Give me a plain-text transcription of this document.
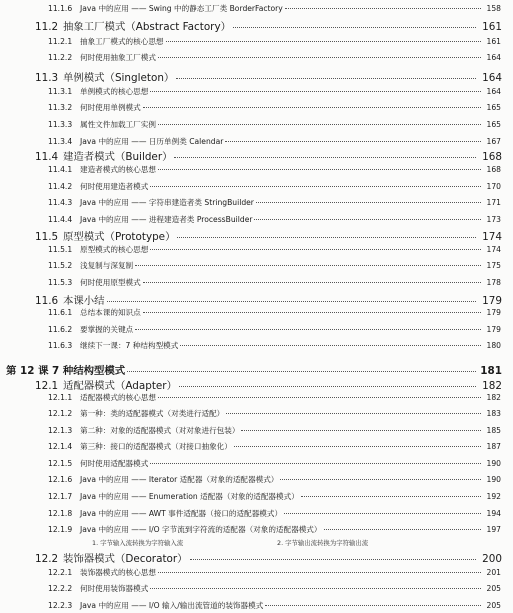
11.1.6	Java 中的应用 —— Swing 中的静态工厂类 BorderFactory	158
11.2 抽象工厂模式（Abstract Factory）	161
11.2.1	抽象工厂模式的核心思想	161
11.2.2	何时使用抽象工厂模式	164
11.3 单例模式（Singleton）	164
11.3.1	单例模式的核心思想	164
11.3.2	何时使用单例模式	165
11.3.3	属性文件加载工厂实例	165
11.3.4	Java 中的应用 —— 日历单例类 Calendar	167
11.4 建造者模式（Builder）	168
11.4.1	建造者模式的核心思想	168
11.4.2	何时使用建造者模式	170
11.4.3	Java 中的应用 —— 字符串建造者类 StringBuilder	171
11.4.4	Java 中的应用 —— 进程建造者类 ProcessBuilder	173
11.5 原型模式（Prototype）	174
11.5.1	原型模式的核心思想	174
11.5.2	浅复制与深复制	175
11.5.3	何时使用原型模式	178
11.6 本课小结	179
11.6.1	总结本课的知识点	179
11.6.2	要掌握的关键点	179
11.6.3	继续下一课：7 种结构型模式	180
第 12 课 7 种结构型模式	181
12.1 适配器模式（Adapter）	182
12.1.1	适配器模式的核心思想	182
12.1.2	第一种：类的适配器模式（对类进行适配）	183
12.1.3	第二种：对象的适配器模式（对对象进行包装）	185
12.1.4	第三种：接口的适配器模式（对接口抽象化）	187
12.1.5	何时使用适配器模式	190
12.1.6	Java 中的应用 —— Iterator 适配器（对象的适配器模式）	190
12.1.7	Java 中的应用 —— Enumeration 适配器（对象的适配器模式）	192
12.1.8	Java 中的应用 —— AWT 事件适配器（接口的适配器模式）	194
12.1.9	Java 中的应用 —— I/O 字节流到字符流的适配器（对象的适配器模式）	197
1. 字节输入流转换为字符输入流	2. 字节输出流转换为字符输出流
12.2 装饰器模式（Decorator）	200
12.2.1	装饰器模式的核心思想	201
12.2.2	何时使用装饰器模式	205
12.2.3	Java 中的应用 —— I/O 输入/输出流管道的装饰器模式	205
